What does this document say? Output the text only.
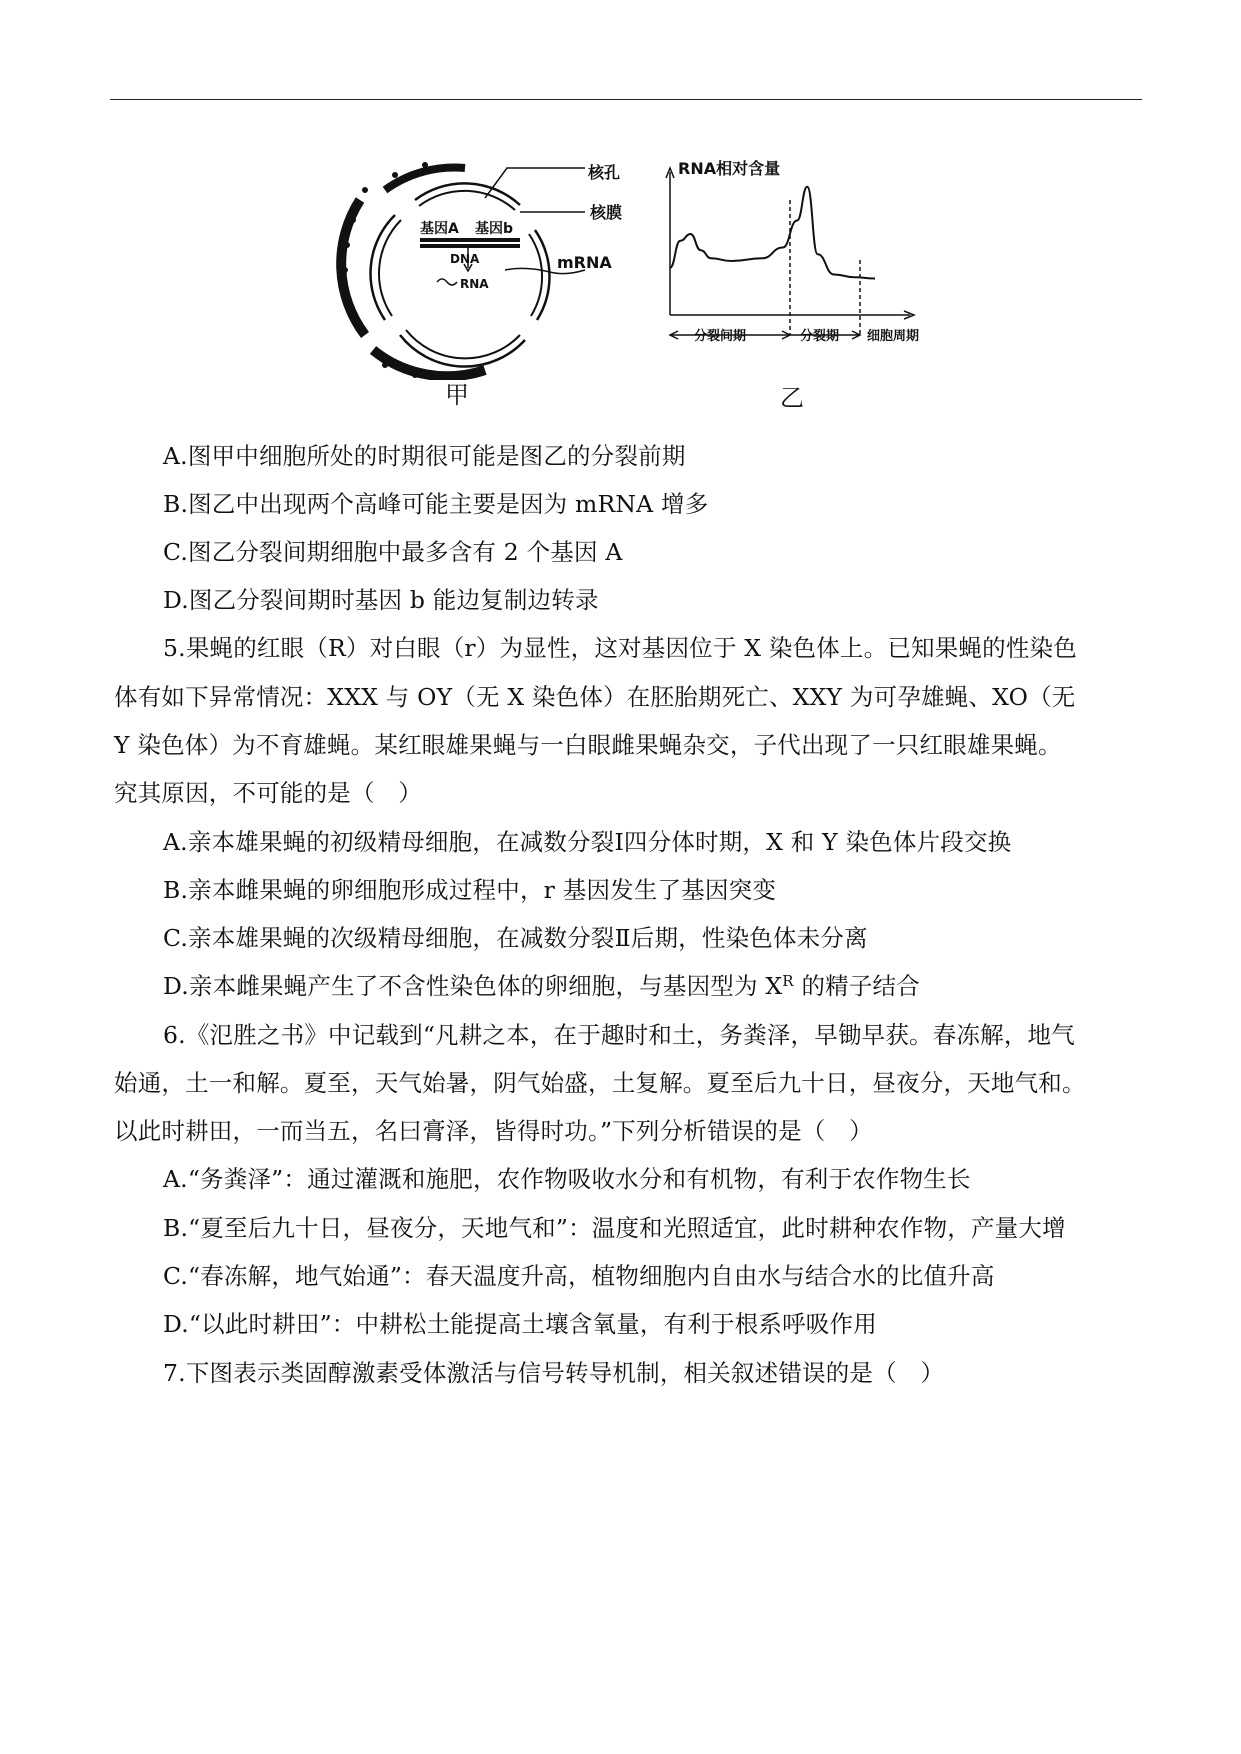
核孔
核膜
基因A 基因b
DNA
RNA
mRNA
RNA相对含量
分裂间期	分裂期 细胞周期
甲	乙
A.图甲中细胞所处的时期很可能是图乙的分裂前期
B.图乙中出现两个高峰可能主要是因为 mRNA 增多
C.图乙分裂间期细胞中最多含有 2 个基因 A
D.图乙分裂间期时基因 b 能边复制边转录
5.果蝇的红眼（R）对白眼（r）为显性，这对基因位于 X 染色体上。已知果蝇的性染色
体有如下异常情况：XXX 与 OY（无 X 染色体）在胚胎期死亡、XXY 为可孕雄蝇、XO（无
Y 染色体）为不育雄蝇。某红眼雄果蝇与一白眼雌果蝇杂交，子代出现了一只红眼雄果蝇。
究其原因，不可能的是（　）
A.亲本雄果蝇的初级精母细胞，在减数分裂Ⅰ四分体时期，X 和 Y 染色体片段交换
B.亲本雌果蝇的卵细胞形成过程中，r 基因发生了基因突变
C.亲本雄果蝇的次级精母细胞，在减数分裂Ⅱ后期，性染色体未分离
D.亲本雌果蝇产生了不含性染色体的卵细胞，与基因型为 $X^R$ 的精子结合
6.《氾胜之书》中记载到“凡耕之本，在于趣时和土，务粪泽，早锄早获。春冻解，地气
始通，土一和解。夏至，天气始暑，阴气始盛，土复解。夏至后九十日，昼夜分，天地气和。
以此时耕田，一而当五，名曰膏泽，皆得时功。”下列分析错误的是（　）
A.“务粪泽”：通过灌溉和施肥，农作物吸收水分和有机物，有利于农作物生长
B.“夏至后九十日，昼夜分，天地气和”：温度和光照适宜，此时耕种农作物，产量大增
C.“春冻解，地气始通”：春天温度升高，植物细胞内自由水与结合水的比值升高
D.“以此时耕田”：中耕松土能提高土壤含氧量，有利于根系呼吸作用
7.下图表示类固醇激素受体激活与信号转导机制，相关叙述错误的是（　）
